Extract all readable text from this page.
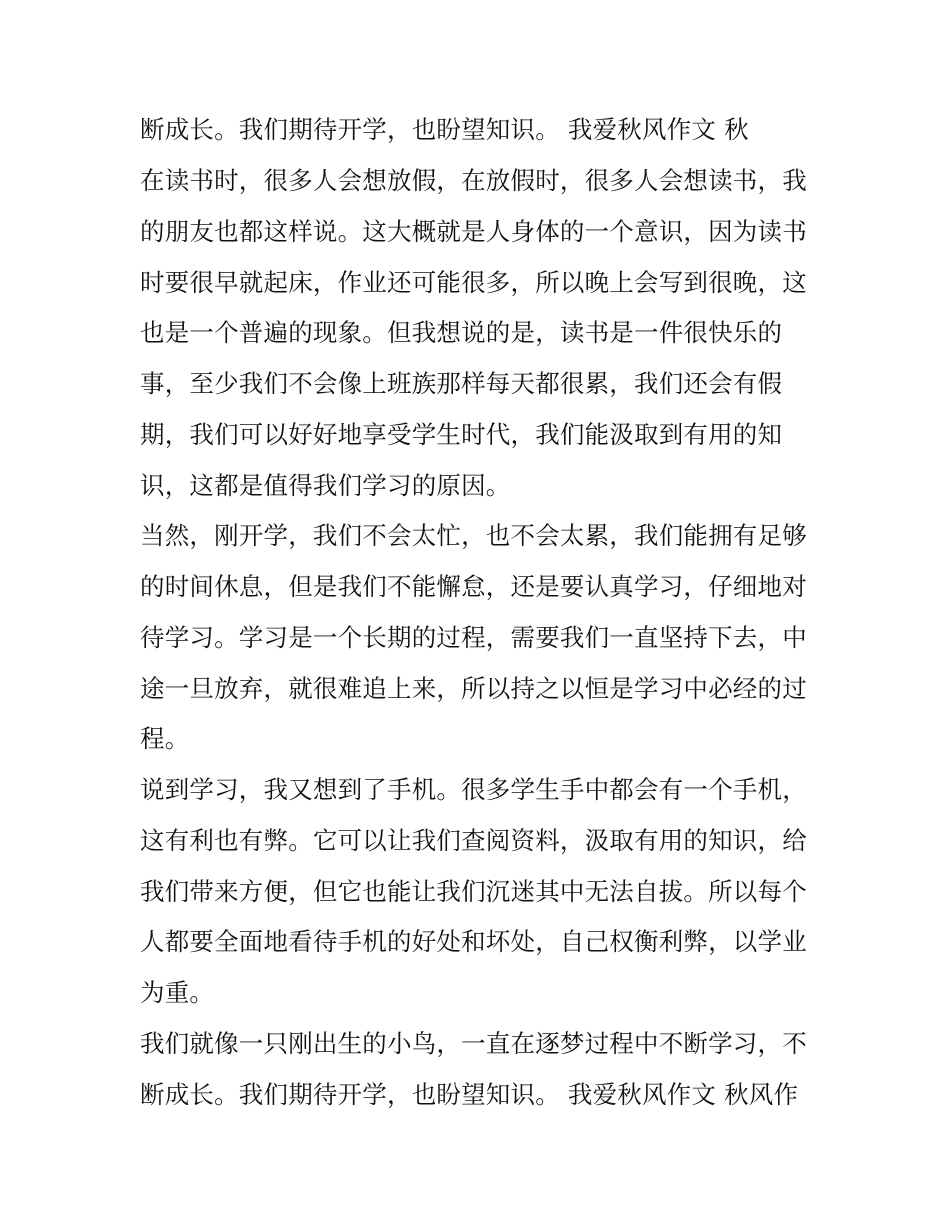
断成长。我们期待开学，也盼望知识。 我爱秋风作文 秋
在读书时，很多人会想放假，在放假时，很多人会想读书，我
的朋友也都这样说。这大概就是人身体的一个意识，因为读书
时要很早就起床，作业还可能很多，所以晚上会写到很晚，这
也是一个普遍的现象。但我想说的是，读书是一件很快乐的
事，至少我们不会像上班族那样每天都很累，我们还会有假
期，我们可以好好地享受学生时代，我们能汲取到有用的知
识，这都是值得我们学习的原因。
当然，刚开学，我们不会太忙，也不会太累，我们能拥有足够
的时间休息，但是我们不能懈怠，还是要认真学习，仔细地对
待学习。学习是一个长期的过程，需要我们一直坚持下去，中
途一旦放弃，就很难追上来，所以持之以恒是学习中必经的过
程。
说到学习，我又想到了手机。很多学生手中都会有一个手机，
这有利也有弊。它可以让我们查阅资料，汲取有用的知识，给
我们带来方便，但它也能让我们沉迷其中无法自拔。所以每个
人都要全面地看待手机的好处和坏处，自己权衡利弊，以学业
为重。
我们就像一只刚出生的小鸟，一直在逐梦过程中不断学习，不
断成长。我们期待开学，也盼望知识。 我爱秋风作文 秋风作
